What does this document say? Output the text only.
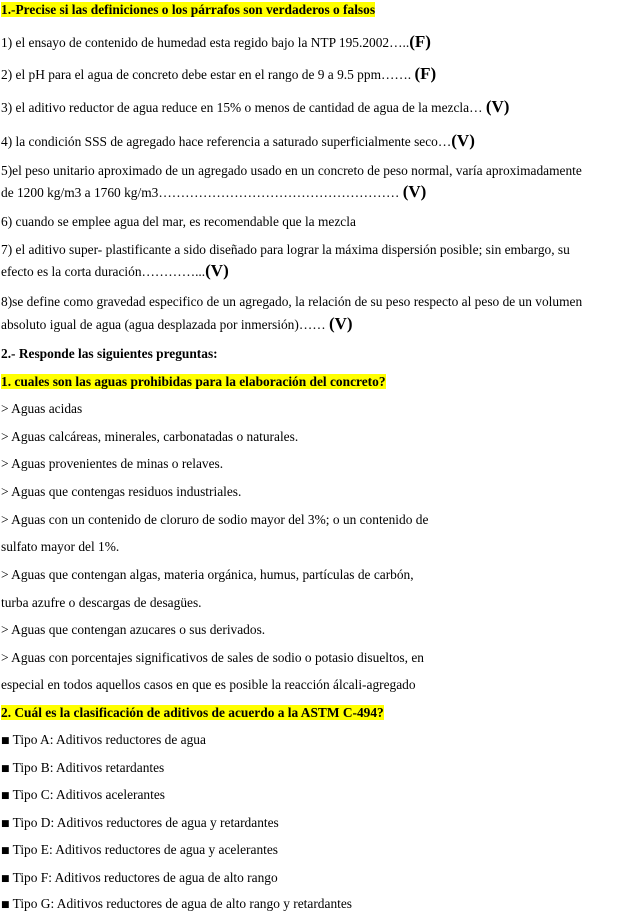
1.-Precise si las definiciones o los párrafos son verdaderos o falsos
1) el ensayo de contenido de humedad esta regido bajo la NTP 195.2002…..(F)
2) el pH para el agua de concreto debe estar en el rango de 9 a 9.5 ppm……. (F)
3) el aditivo reductor de agua reduce en 15% o menos de cantidad de agua de la mezcla… (V)
4) la condición SSS de agregado hace referencia a saturado superficialmente seco…(V)
5)el peso unitario aproximado de un agregado usado en un concreto de peso normal, varía aproximadamente
de 1200 kg/m3 a 1760 kg/m3……………………………………………… (V)
6) cuando se emplee agua del mar, es recomendable que la mezcla
7) el aditivo super- plastificante a sido diseñado para lograr la máxima dispersión posible; sin embargo, su
efecto es la corta duración…………...(V)
8)se define como gravedad especifico de un agregado, la relación de su peso respecto al peso de un volumen
absoluto igual de agua (agua desplazada por inmersión)…… (V)
2.- Responde las siguientes preguntas:
1. cuales son las aguas prohibidas para la elaboración del concreto?
> Aguas acidas
> Aguas calcáreas, minerales, carbonatadas o naturales.
> Aguas provenientes de minas o relaves.
> Aguas que contengas residuos industriales.
> Aguas con un contenido de cloruro de sodio mayor del 3%; o un contenido de
sulfato mayor del 1%.
> Aguas que contengan algas, materia orgánica, humus, partículas de carbón,
turba azufre o descargas de desagües.
> Aguas que contengan azucares o sus derivados.
> Aguas con porcentajes significativos de sales de sodio o potasio disueltos, en
especial en todos aquellos casos en que es posible la reacción álcali-agregado
2. Cuál es la clasificación de aditivos de acuerdo a la ASTM C-494?
■ Tipo A: Aditivos reductores de agua
■ Tipo B: Aditivos retardantes
■ Tipo C: Aditivos acelerantes
■ Tipo D: Aditivos reductores de agua y retardantes
■ Tipo E: Aditivos reductores de agua y acelerantes
■ Tipo F: Aditivos reductores de agua de alto rango
■ Tipo G: Aditivos reductores de agua de alto rango y retardantes
